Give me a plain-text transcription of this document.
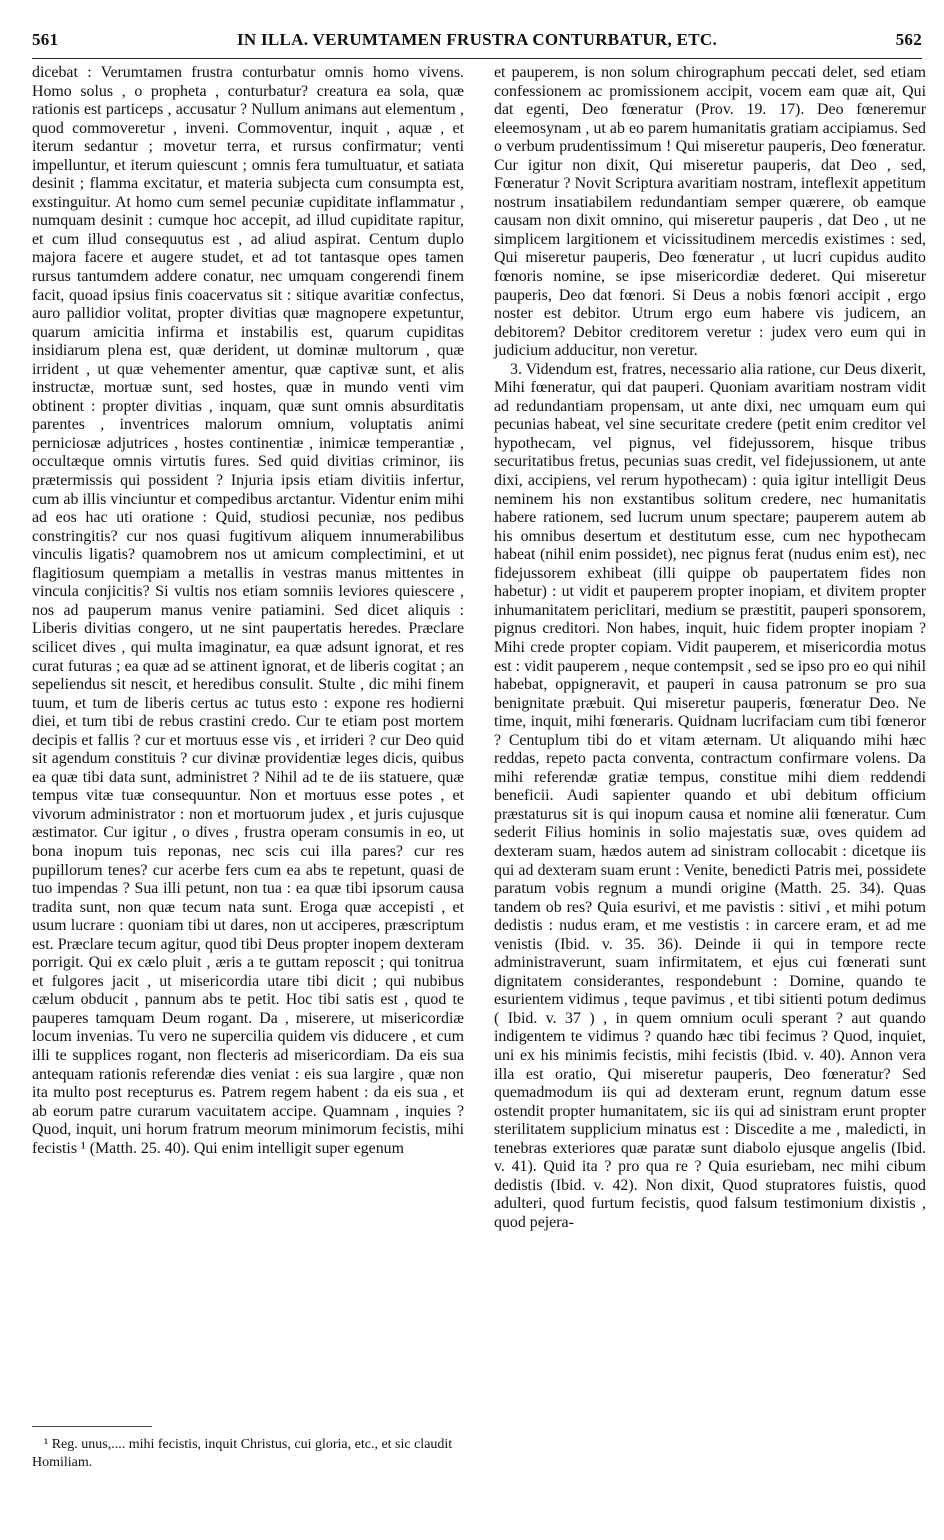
561	IN ILLA. VERUMTAMEN FRUSTRA CONTURBATUR, ETC.	562

dicebat : Verumtamen frustra conturbatur omnis homo vivens. Homo solus , o propheta , conturbatur? creatura ea sola, quæ rationis est particeps , accusatur ? Nullum animans aut elementum , quod commoveretur , inveni. Commoventur, inquit , aquæ , et iterum sedantur ; movetur terra, et rursus confirmatur; venti impelluntur, et iterum quiescunt ; omnis fera tumultuatur, et satiata desinit ; flamma excitatur, et materia subjecta cum consumpta est, exstinguitur. At homo cum semel pecuniæ cupiditate inflammatur , numquam desinit : cumque hoc accepit, ad illud cupiditate rapitur, et cum illud consequutus est , ad aliud aspirat. Centum duplo majora facere et augere studet, et ad tot tantasque opes tamen rursus tantumdem addere conatur, nec umquam congerendi finem facit, quoad ipsius finis coacervatus sit : sitique avaritiæ confectus, auro pallidior volitat, propter divitias quæ magnopere expetuntur, quarum amicitia infirma et instabilis est, quarum cupiditas insidiarum plena est, quæ derident, ut dominæ multorum , quæ irrident , ut quæ vehementer amentur, quæ captivæ sunt, et alis instructæ, mortuæ sunt, sed hostes, quæ in mundo venti vim obtinent : propter divitias , inquam, quæ sunt omnis absurditatis parentes , inventrices malorum omnium, voluptatis animi perniciosæ adjutrices , hostes continentiæ , inimicæ temperantiæ , occultæque omnis virtutis fures. Sed quid divitias criminor, iis prætermissis qui possident ? Injuria ipsis etiam divitiis infertur, cum ab illis vinciuntur et compedibus arctantur. Videntur enim mihi ad eos hac uti oratione : Quid, studiosi pecuniæ, nos pedibus constringitis? cur nos quasi fugitivum aliquem innumerabilibus vinculis ligatis? quamobrem nos ut amicum complectimini, et ut flagitiosum quempiam a metallis in vestras manus mittentes in vincula conjicitis? Si vultis nos etiam somniis leviores quiescere , nos ad pauperum manus venire patiamini. Sed dicet aliquis : Liberis divitias congero, ut ne sint paupertatis heredes. Præclare scilicet dives , qui multa imaginatur, ea quæ adsunt ignorat, et res curat futuras ; ea quæ ad se attinent ignorat, et de liberis cogitat ; an sepeliendus sit nescit, et heredibus consulit. Stulte , dic mihi finem tuum, et tum de liberis certus ac tutus esto : expone res hodierni diei, et tum tibi de rebus crastini credo. Cur te etiam post mortem decipis et fallis ? cur et mortuus esse vis , et irrideri ? cur Deo quid sit agendum constituis ? cur divinæ providentiæ leges dicis, quibus ea quæ tibi data sunt, administret ? Nihil ad te de iis statuere, quæ tempus vitæ tuæ consequuntur. Non et mortuus esse potes , et vivorum administrator : non et mortuorum judex , et juris cujusque æstimator. Cur igitur , o dives , frustra operam consumis in eo, ut bona inopum tuis reponas, nec scis cui illa pares? cur res pupillorum tenes? cur acerbe fers cum ea abs te repetunt, quasi de tuo impendas ? Sua illi petunt, non tua : ea quæ tibi ipsorum causa tradita sunt, non quæ tecum nata sunt. Eroga quæ accepisti , et usum lucrare : quoniam tibi ut dares, non ut acciperes, præscriptum est. Præclare tecum agitur, quod tibi Deus propter inopem dexteram porrigit. Qui ex cælo pluit , æris a te guttam reposcit ; qui tonitrua et fulgores jacit , ut misericordia utare tibi dicit ; qui nubibus cælum obducit , pannum abs te petit. Hoc tibi satis est , quod te pauperes tamquam Deum rogant. Da , miserere, ut misericordiæ locum invenias. Tu vero ne supercilia quidem vis diducere , et cum illi te supplices rogant, non flecteris ad misericordiam. Da eis sua antequam rationis referendæ dies veniat : eis sua largire , quæ non ita multo post recepturus es. Patrem regem habent : da eis sua , et ab eorum patre curarum vacuitatem accipe. Quamnam , inquies ? Quod, inquit, uni horum fratrum meorum minimorum fecistis, mihi fecistis ¹ (Matth. 25. 40). Qui enim intelligit super egenum

et pauperem, is non solum chirographum peccati delet, sed etiam confessionem ac promissionem accipit, vocem eam quæ ait, Qui dat egenti, Deo fœneratur (Prov. 19. 17). Deo fœneremur eleemosynam , ut ab eo parem humanitatis gratiam accipiamus. Sed o verbum prudentissimum ! Qui miseretur pauperis, Deo fœneratur. Cur igitur non dixit, Qui miseretur pauperis, dat Deo , sed, Fœneratur ? Novit Scriptura avaritiam nostram, inteflexit appetitum nostrum insatiabilem redundantiam semper quærere, ob eamque causam non dixit omnino, qui miseretur pauperis , dat Deo , ut ne simplicem largitionem et vicissitudinem mercedis existimes : sed, Qui miseretur pauperis, Deo fœneratur , ut lucri cupidus audito fœnoris nomine, se ipse misericordiæ dederet. Qui miseretur pauperis, Deo dat fœnori. Si Deus a nobis fœnori accipit , ergo noster est debitor. Utrum ergo eum habere vis judicem, an debitorem? Debitor creditorem veretur : judex vero eum qui in judicium adducitur, non veretur.

3. Videndum est, fratres, necessario alia ratione, cur Deus dixerit, Mihi fœneratur, qui dat pauperi. Quoniam avaritiam nostram vidit ad redundantiam propensam, ut ante dixi, nec umquam eum qui pecunias habeat, vel sine securitate credere (petit enim creditor vel hypothecam, vel pignus, vel fidejussorem, hisque tribus securitatibus fretus, pecunias suas credit, vel fidejussionem, ut ante dixi, accipiens, vel rerum hypothecam) : quia igitur intelligit Deus neminem his non exstantibus solitum credere, nec humanitatis habere rationem, sed lucrum unum spectare; pauperem autem ab his omnibus desertum et destitutum esse, cum nec hypothecam habeat (nihil enim possidet), nec pignus ferat (nudus enim est), nec fidejussorem exhibeat (illi quippe ob paupertatem fides non habetur) : ut vidit et pauperem propter inopiam, et divitem propter inhumanitatem periclitari, medium se præstitit, pauperi sponsorem, pignus creditori. Non habes, inquit, huic fidem propter inopiam ? Mihi crede propter copiam. Vidit pauperem, et misericordia motus est : vidit pauperem , neque contempsit , sed se ipso pro eo qui nihil habebat, oppigneravit, et pauperi in causa patronum se pro sua benignitate præbuit. Qui miseretur pauperis, fœneratur Deo. Ne time, inquit, mihi fœneraris. Quidnam lucrifaciam cum tibi fœneror ? Centuplum tibi do et vitam æternam. Ut aliquando mihi hæc reddas, repeto pacta conventa, contractum confirmare volens. Da mihi referendæ gratiæ tempus, constitue mihi diem reddendi beneficii. Audi sapienter quando et ubi debitum officium præstaturus sit is qui inopum causa et nomine alii fœneratur. Cum sederit Filius hominis in solio majestatis suæ, oves quidem ad dexteram suam, hædos autem ad sinistram collocabit : dicetque iis qui ad dexteram suam erunt : Venite, benedicti Patris mei, possidete paratum vobis regnum a mundi origine (Matth. 25. 34). Quas tandem ob res? Quia esurivi, et me pavistis : sitivi , et mihi potum dedistis : nudus eram, et me vestistis : in carcere eram, et ad me venistis (Ibid. v. 35. 36). Deinde ii qui in tempore recte administraverunt, suam infirmitatem, et ejus cui fœnerati sunt dignitatem considerantes, respondebunt : Domine, quando te esurientem vidimus , teque pavimus , et tibi sitienti potum dedimus ( Ibid. v. 37 ) , in quem omnium oculi sperant ? aut quando indigentem te vidimus ? quando hæc tibi fecimus ? Quod, inquiet, uni ex his minimis fecistis, mihi fecistis (Ibid. v. 40). Annon vera illa est oratio, Qui miseretur pauperis, Deo fœneratur? Sed quemadmodum iis qui ad dexteram erunt, regnum datum esse ostendit propter humanitatem, sic iis qui ad sinistram erunt propter sterilitatem supplicium minatus est : Discedite a me , maledicti, in tenebras exteriores quæ paratæ sunt diabolo ejusque angelis (Ibid. v. 41). Quid ita ? pro qua re ? Quia esuriebam, nec mihi cibum dedistis (Ibid. v. 42). Non dixit, Quod stupratores fuistis, quod adulteri, quod furtum fecistis, quod falsum testimonium dixistis , quod pejera-

¹ Reg. unus,.... mihi fecistis, inquit Christus, cui gloria, etc., et sic claudit Homiliam.
